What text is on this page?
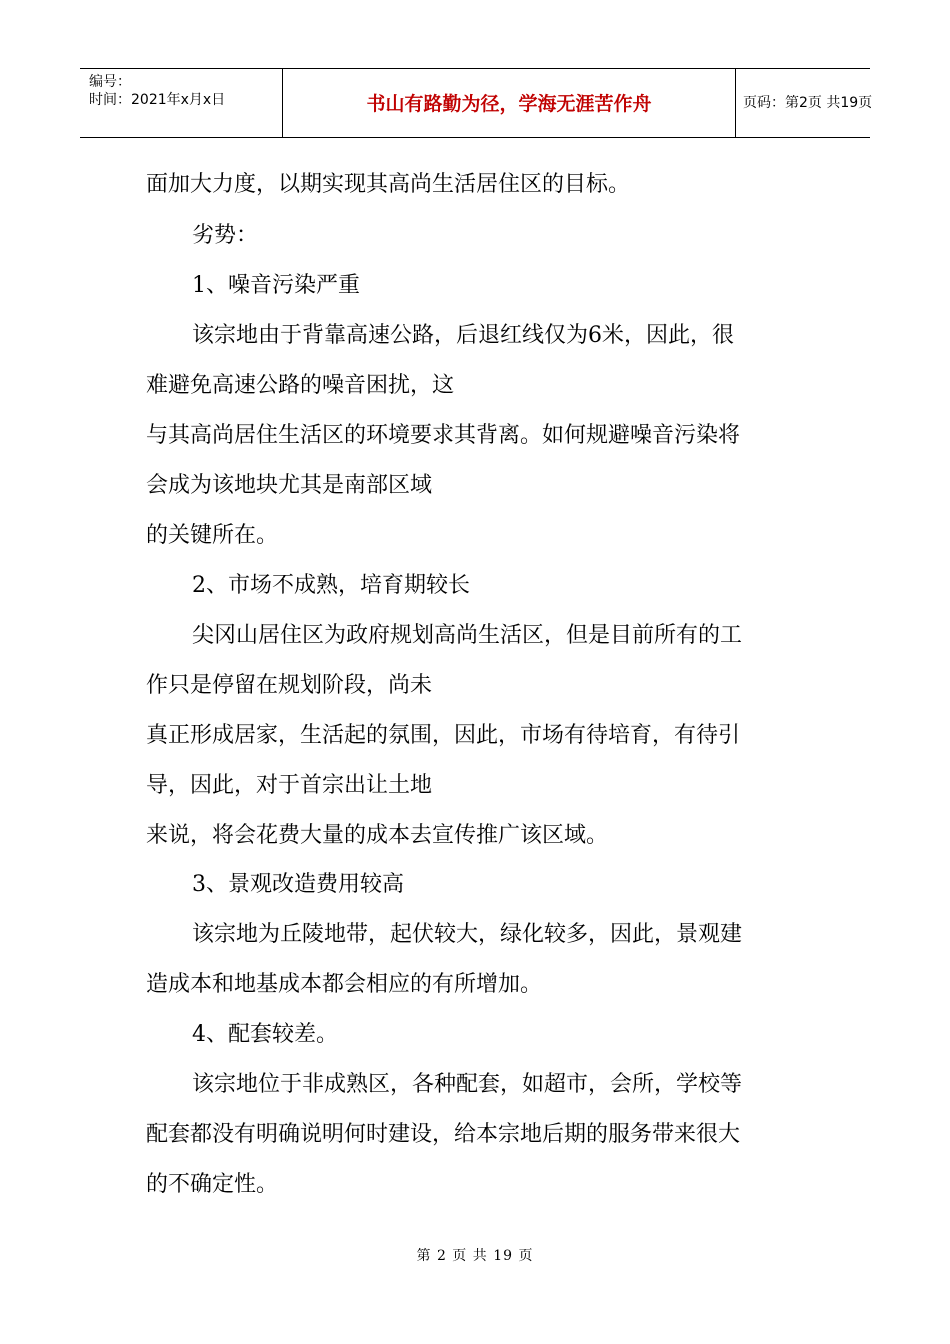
编号：
时间：2021年x月x日	书山有路勤为径，学海无涯苦作舟	页码：第2页 共19页
面加大力度，以期实现其高尚生活居住区的目标。
劣势：
1、噪音污染严重
该宗地由于背靠高速公路，后退红线仅为6米，因此，很
难避免高速公路的噪音困扰，这
与其高尚居住生活区的环境要求其背离。如何规避噪音污染将
会成为该地块尤其是南部区域
的关键所在。
2、市场不成熟，培育期较长
尖冈山居住区为政府规划高尚生活区，但是目前所有的工
作只是停留在规划阶段，尚未
真正形成居家，生活起的氛围，因此，市场有待培育，有待引
导，因此，对于首宗出让土地
来说，将会花费大量的成本去宣传推广该区域。
3、景观改造费用较高
该宗地为丘陵地带，起伏较大，绿化较多，因此，景观建
造成本和地基成本都会相应的有所增加。
4、配套较差。
该宗地位于非成熟区，各种配套，如超市，会所，学校等
配套都没有明确说明何时建设，给本宗地后期的服务带来很大
的不确定性。
第 2 页 共 19 页
